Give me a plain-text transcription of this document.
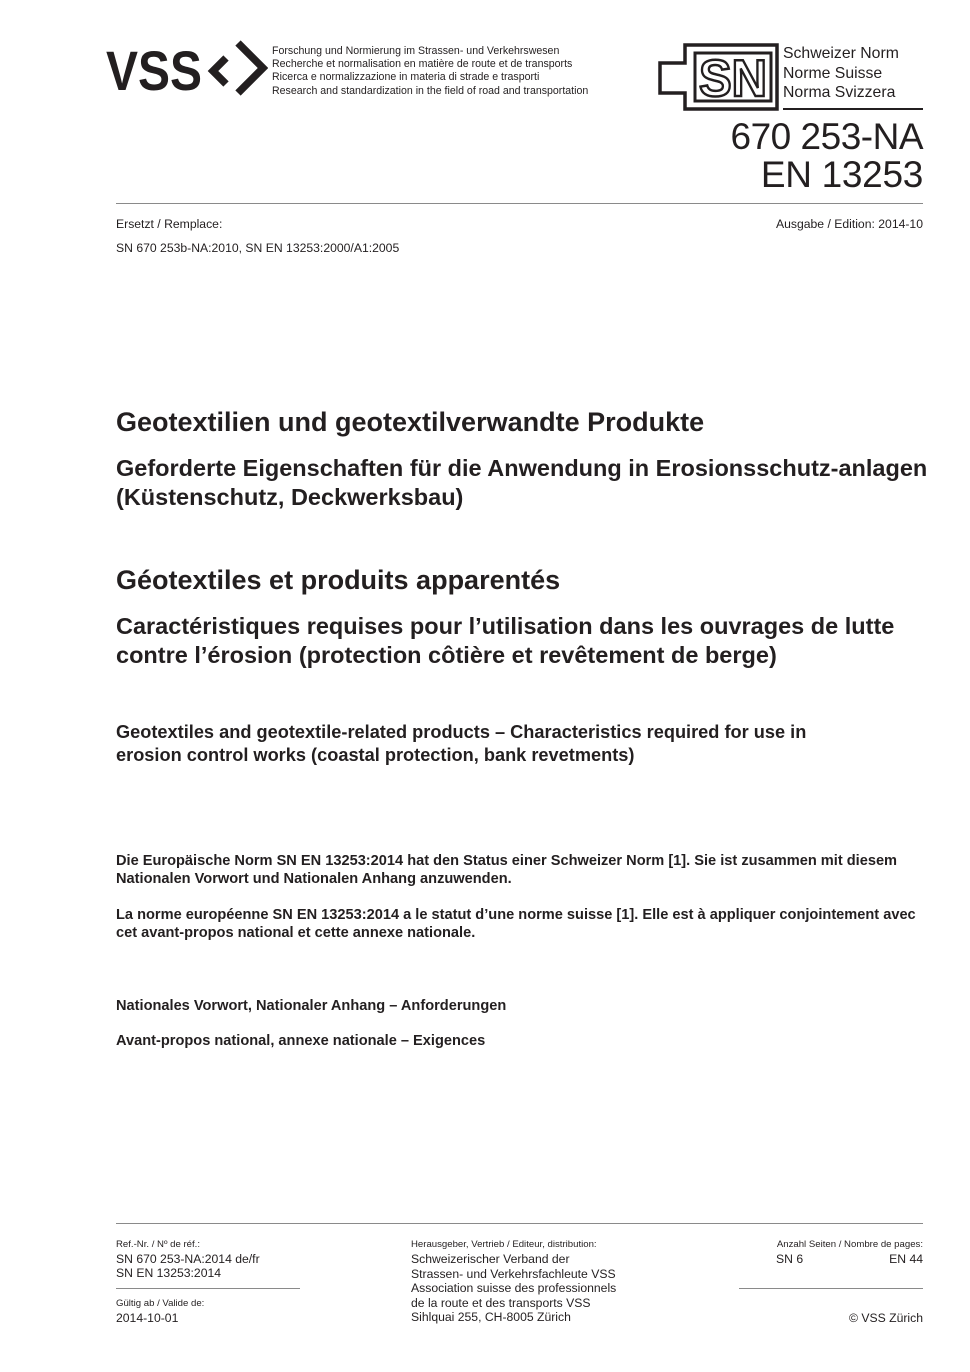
VSS	Forschung und Normierung im Strassen- und Verkehrswesen
Recherche et normalisation en matière de route et de transports
Ricerca e normalizzazione in materia di strade e trasporti
Research and standardization in the field of road and transportation SN Schweizer Norm
Norme Suisse
Norma Svizzera
670 253-NA
EN 13253
Ersetzt / Remplace:
SN 670 253b-NA:2010, SN EN 13253:2000/A1:2005
Ausgabe / Edition: 2014-10
Geotextilien und geotextilverwandte Produkte
Geforderte Eigenschaften für die Anwendung in Erosionsschutz-anlagen (Küstenschutz, Deckwerksbau)
Géotextiles et produits apparentés
Caractéristiques requises pour l’utilisation dans les ouvrages de lutte contre l’érosion (protection côtière et revêtement de berge)
Geotextiles and geotextile-related products – Characteristics required for use in erosion control works (coastal protection, bank revetments)
Die Europäische Norm SN EN 13253:2014 hat den Status einer Schweizer Norm [1]. Sie ist zusammen mit diesem Nationalen Vorwort und Nationalen Anhang anzuwenden.
La norme européenne SN EN 13253:2014 a le statut d’une norme suisse [1]. Elle est à appliquer conjointement avec cet avant-propos national et cette annexe nationale.
Nationales Vorwort, Nationaler Anhang – Anforderungen
Avant-propos national, annexe nationale – Exigences
Ref.-Nr. / Nº de réf.:
SN 670 253-NA:2014 de/fr
SN EN 13253:2014
Gültig ab / Valide de:
2014-10-01
Herausgeber, Vertrieb / Editeur, distribution:
Schweizerischer Verband der
Strassen- und Verkehrsfachleute VSS
Association suisse des professionnels
de la route et des transports VSS
Sihlquai 255, CH-8005 Zürich
Anzahl Seiten / Nombre de pages:
SN 6	EN 44
© VSS Zürich
